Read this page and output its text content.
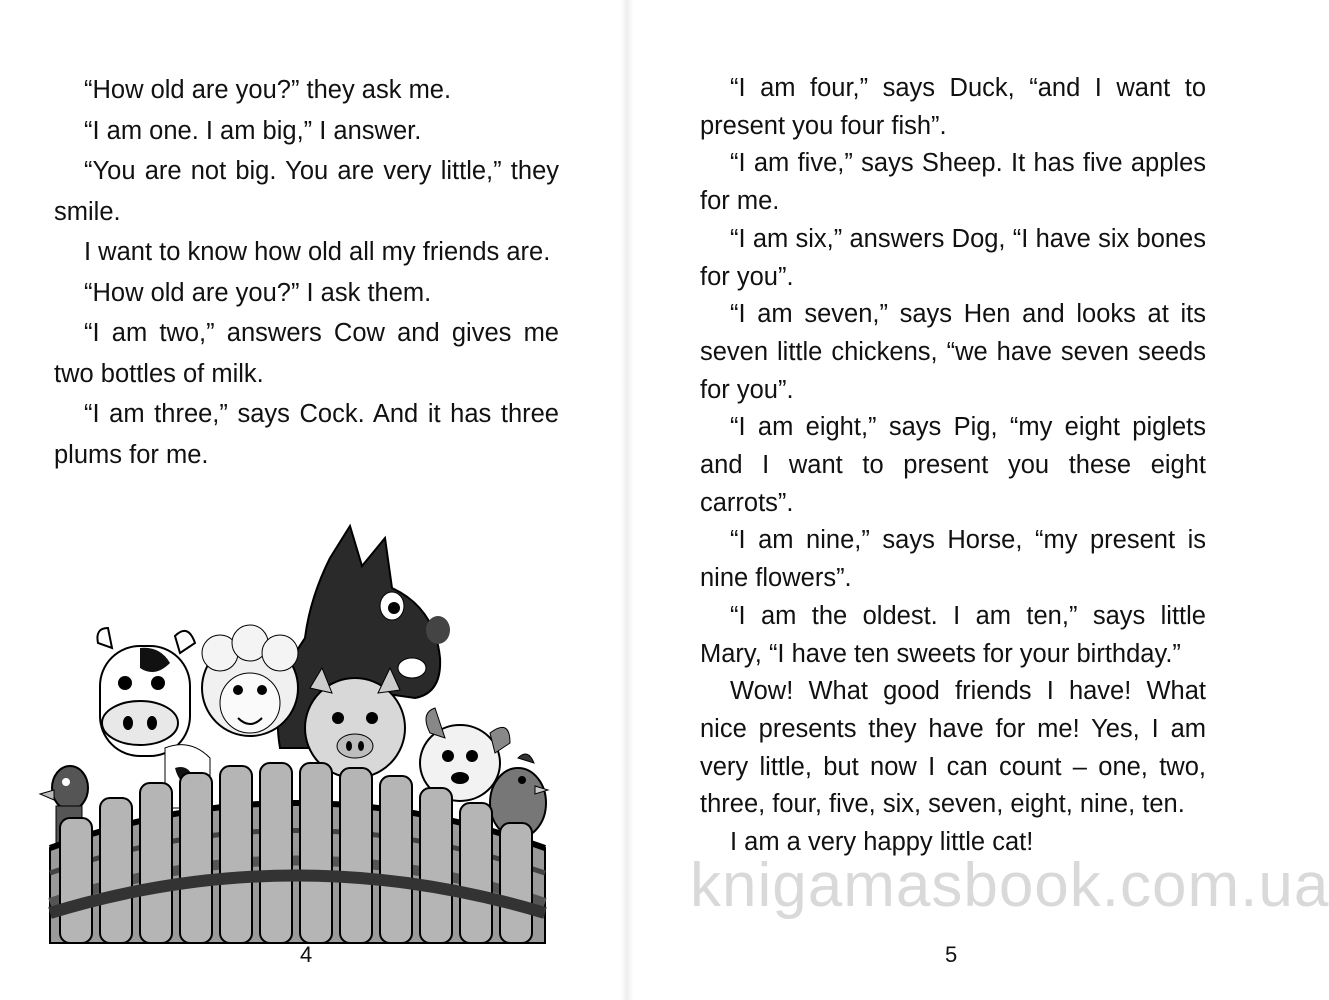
“How old are you?” they ask me.

“I am one. I am big,” I answer.

“You are not big. You are very little,” they smile.

I want to know how old all my friends are.

“How old are you?” I ask them.

“I am two,” answers Cow and gives me two bottles of milk.

“I am three,” says Cock. And it has three plums for me.

4

“I am four,” says Duck, “and I want to present you four fish”.

“I am five,” says Sheep. It has five apples for me.

“I am six,” answers Dog, “I have six bones for you”.

“I am seven,” says Hen and looks at its seven little chickens, “we have seven seeds for you”.

“I am eight,” says Pig, “my eight piglets and I want to present you these eight carrots”.

“I am nine,” says Horse, “my present is nine flowers”.

“I am the oldest. I am ten,” says little Mary, “I have ten sweets for your birthday.”

Wow! What good friends I have! What nice presents they have for me! Yes, I am very little, but now I can count – one, two, three, four, five, six, seven, eight, nine, ten.

I am a very happy little cat!

5
knigamasbook.com.ua
